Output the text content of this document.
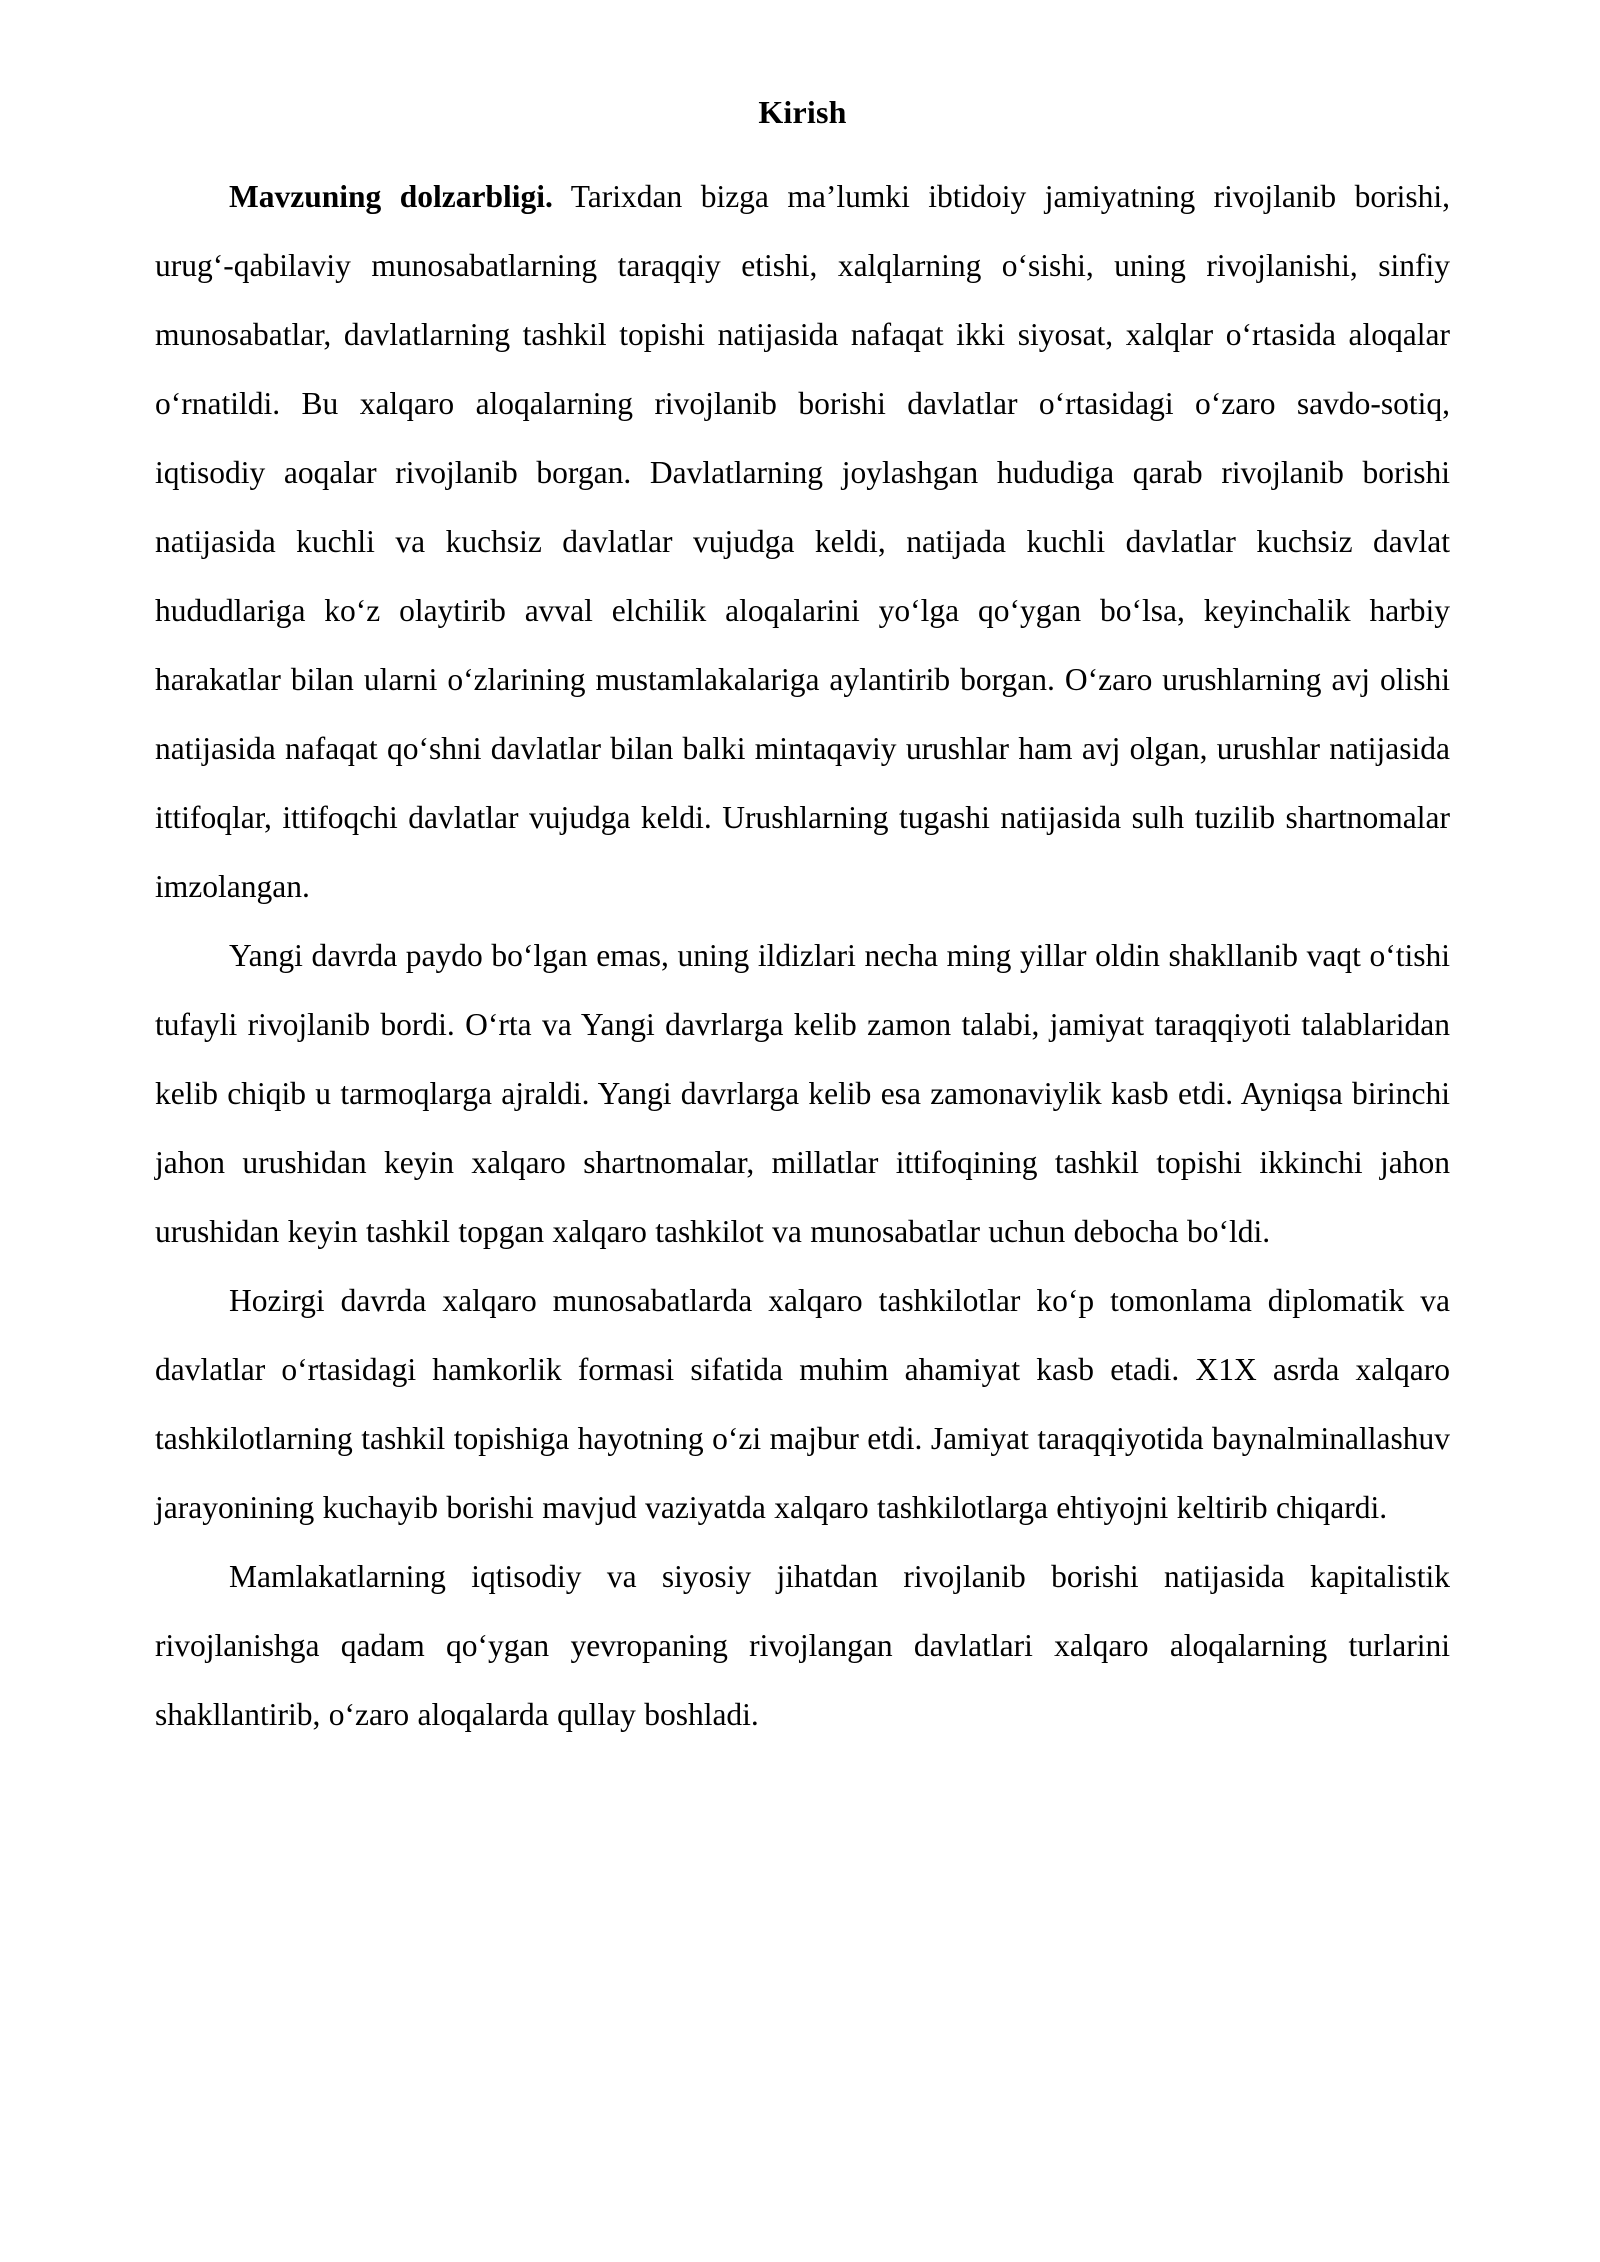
Kirish

Mavzuning dolzarbligi. Tarixdan bizga ma’lumki ibtidoiy jamiyatning rivojlanib borishi, urug‘-qabilaviy munosabatlarning taraqqiy etishi, xalqlarning o‘sishi, uning rivojlanishi, sinfiy munosabatlar, davlatlarning tashkil topishi natijasida nafaqat ikki siyosat, xalqlar o‘rtasida aloqalar o‘rnatildi. Bu xalqaro aloqalarning rivojlanib borishi davlatlar o‘rtasidagi o‘zaro savdo-sotiq, iqtisodiy aoqalar rivojlanib borgan. Davlatlarning joylashgan hududiga qarab rivojlanib borishi natijasida kuchli va kuchsiz davlatlar vujudga keldi, natijada kuchli davlatlar kuchsiz davlat hududlariga ko‘z olaytirib avval elchilik aloqalarini yo‘lga qo‘ygan bo‘lsa, keyinchalik harbiy harakatlar bilan ularni o‘zlarining mustamlakalariga aylantirib borgan. O‘zaro urushlarning avj olishi natijasida nafaqat qo‘shni davlatlar bilan balki mintaqaviy urushlar ham avj olgan, urushlar natijasida ittifoqlar, ittifoqchi davlatlar vujudga keldi. Urushlarning tugashi natijasida sulh tuzilib shartnomalar imzolangan.

Yangi davrda paydo bo‘lgan emas, uning ildizlari necha ming yillar oldin shakllanib vaqt o‘tishi tufayli rivojlanib bordi. O‘rta va Yangi davrlarga kelib zamon talabi, jamiyat taraqqiyoti talablaridan kelib chiqib u tarmoqlarga ajraldi. Yangi davrlarga kelib esa zamonaviylik kasb etdi. Ayniqsa birinchi jahon urushidan keyin xalqaro shartnomalar, millatlar ittifoqining tashkil topishi ikkinchi jahon urushidan keyin tashkil topgan xalqaro tashkilot va munosabatlar uchun debocha bo‘ldi.

Hozirgi davrda xalqaro munosabatlarda xalqaro tashkilotlar ko‘p tomonlama diplomatik va davlatlar o‘rtasidagi hamkorlik formasi sifatida muhim ahamiyat kasb etadi. X1X asrda xalqaro tashkilotlarning tashkil topishiga hayotning o‘zi majbur etdi. Jamiyat taraqqiyotida baynalminallashuv jarayonining kuchayib borishi mavjud vaziyatda xalqaro tashkilotlarga ehtiyojni keltirib chiqardi.

Mamlakatlarning iqtisodiy va siyosiy jihatdan rivojlanib borishi natijasida kapitalistik rivojlanishga qadam qo‘ygan yevropaning rivojlangan davlatlari xalqaro aloqalarning turlarini shakllantirib, o‘zaro aloqalarda qullay boshladi.
